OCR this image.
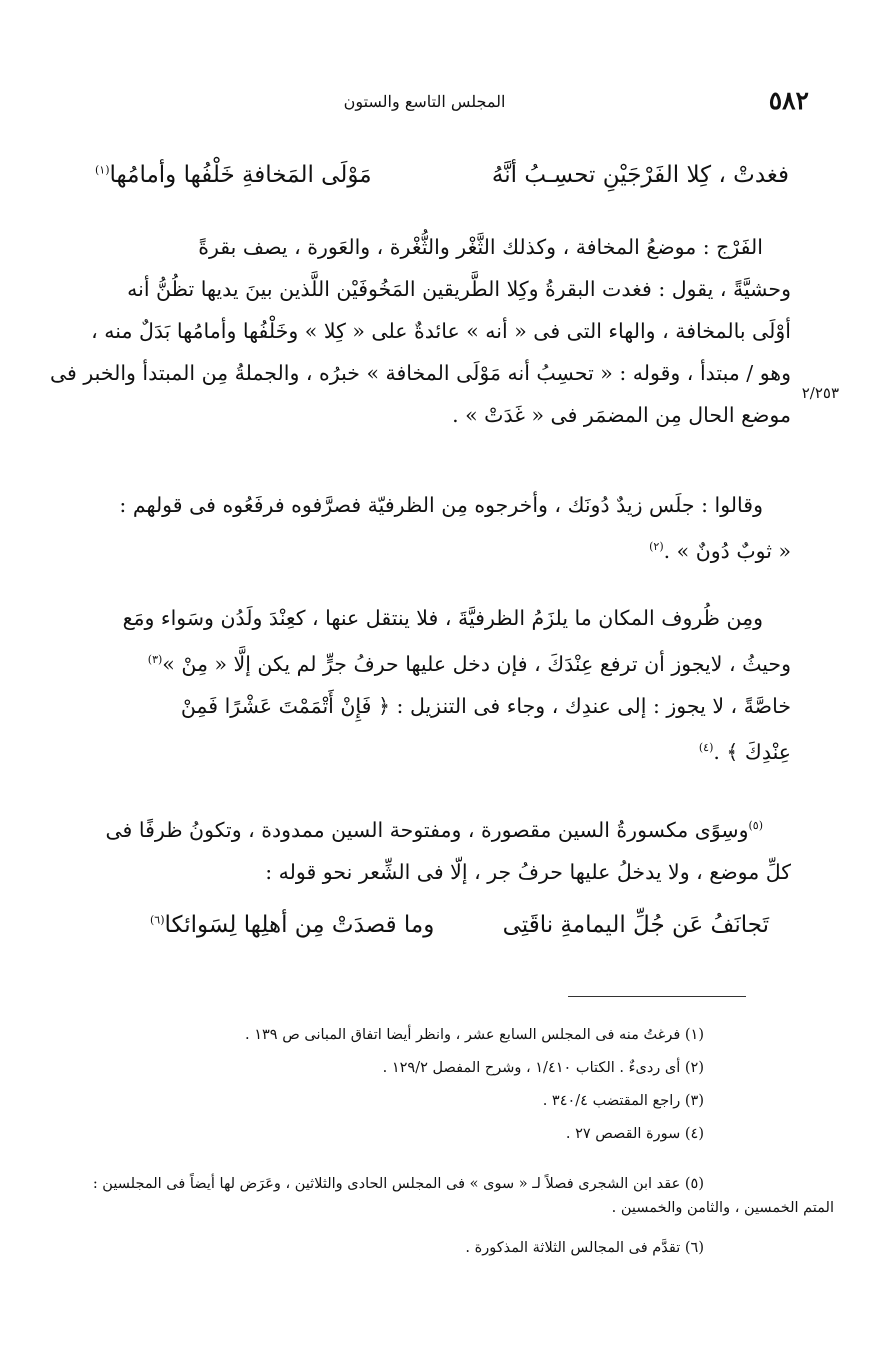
٥٨٢
المجلس التاسع والستون
فغدتْ ، كِلا الفَرْجَيْنِ تحسِـبُ أنَّهُ
مَوْلَى المَخافةِ خَلْفُها وأمامُها$^{(١)}$
الفَرْج : موضعُ المخافة ، وكذلك الثَّغْر والثُّغْرة ، والعَورة ، يصف بقرةً
وحشيَّةً ، يقول : فغدت البقرةُ وكِلا الطَّريقين المَخُوفَيْن اللَّذين بينَ يديها تظُنُّ أنه
أوْلَى بالمخافة ، والهاء التى فى « أنه » عائدةٌ على « كِلا » وخَلْفُها وأمامُها بَدَلٌ منه ،
وهو / مبتدأ ، وقوله : « تحسِبُ أنه مَوْلَى المخافة » خبرُه ، والجملةُ مِن المبتدأ والخبر فى
موضع الحال مِن المضمَر فى « غَدَتْ » .
٢/٢٥٣
وقالوا : جلَس زيدٌ دُونَك ، وأخرجوه مِن الظرفيّة فصرَّفوه فرفَعُوه فى قولهم :
« ثوبٌ دُونٌ » .$^{(٢)}$
ومِن ظُروف المكان ما يلزَمُ الظرفيَّةَ ، فلا ينتقل عنها ، كعِنْدَ ولَدُن وسَواء ومَع
وحيثُ ، لايجوز أن ترفع عِنْدَكَ ، فإن دخل عليها حرفُ جرٍّ لم يكن إلَّا « مِنْ »$^{(٣)}$
خاصَّةً ، لا يجوز : إلى عندِك ، وجاء فى التنزيل : ﴿ فَإِنْ أَتْمَمْتَ عَشْرًا فَمِنْ
عِنْدِكَ ﴾ .$^{(٤)}$
$^{(٥)}$وسِوًى مكسورةُ السين مقصورة ، ومفتوحة السين ممدودة ، وتكونُ ظرفًا فى
كلِّ موضع ، ولا يدخلُ عليها حرفُ جر ، إلّا فى الشِّعر نحو قوله :
تَجانَفُ عَن جُلِّ اليمامةِ ناقَتِى
وما قصدَتْ مِن أهلِها لِسَوائكا$^{(٦)}$
(١) فرغتُ منه فى المجلس السابع عشر ، وانظر أيضا اتفاق المبانى ص ١٣٩ .
(٢) أى ردىءٌ . الكتاب ١/٤١٠ ، وشرح المفصل ١٢٩/٢ .
(٣) راجع المقتضب ٣٤٠/٤ .
(٤) سورة القصص ٢٧ .
(٥) عقد ابن الشجرى فصلاً لـ « سوى » فى المجلس الحادى والثلاثين ، وعَرَض لها أيضاً فى المجلسين :
المتم الخمسين ، والثامن والخمسين .
(٦) تقدَّم فى المجالس الثلاثة المذكورة .
